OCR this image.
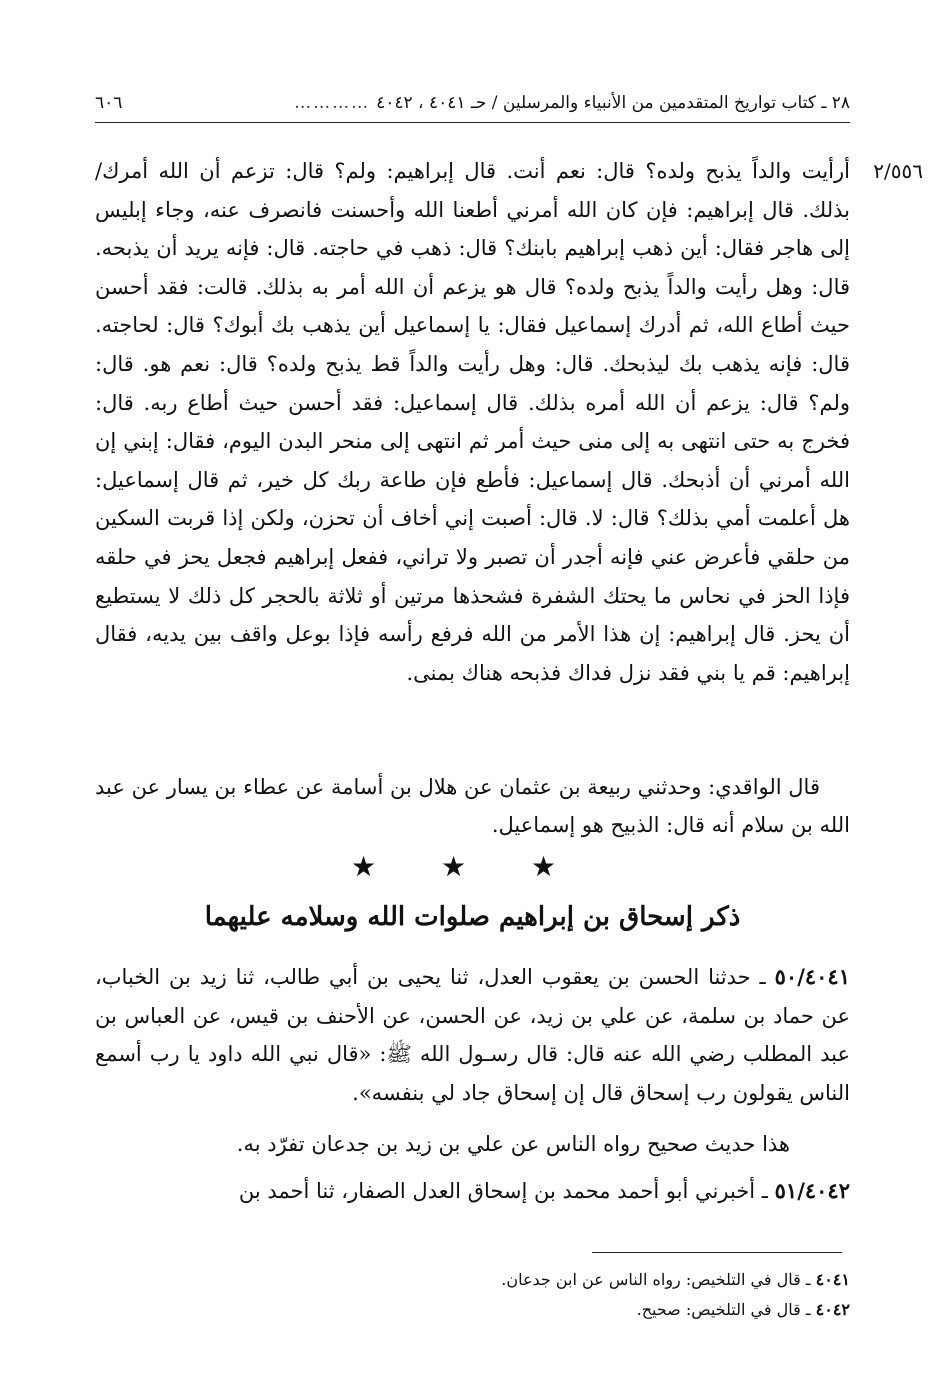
٢٨ ـ كتاب تواريخ المتقدمين من الأنبياء والمرسلين / حـ ٤٠٤١ ، ٤٠٤٢
…………
٦٠٦
٢/٥٥٦

أرأيت والداً يذبح ولده؟ قال: نعم أنت. قال إبراهيم: ولم؟ قال: تزعم أن الله أمرك/ بذلك. قال إبراهيم: فإن كان الله أمرني أطعنا الله وأحسنت فانصرف عنه، وجاء إبليس إلى هاجر فقال: أين ذهب إبراهيم بابنك؟ قال: ذهب في حاجته. قال: فإنه يريد أن يذبحه. قال: وهل رأيت والداً يذبح ولده؟ قال هو يزعم أن الله أمر به بذلك. قالت: فقد أحسن حيث أطاع الله، ثم أدرك إسماعيل فقال: يا إسماعيل أين يذهب بك أبوك؟ قال: لحاجته. قال: فإنه يذهب بك ليذبحك. قال: وهل رأيت والداً قط يذبح ولده؟ قال: نعم هو. قال: ولم؟ قال: يزعم أن الله أمره بذلك. قال إسماعيل: فقد أحسن حيث أطاع ربه. قال: فخرج به حتى انتهى به إلى منى حيث أمر ثم انتهى إلى منحر البدن اليوم، فقال: إبني إن الله أمرني أن أذبحك. قال إسماعيل: فأطع فإن طاعة ربك كل خير، ثم قال إسماعيل: هل أعلمت أمي بذلك؟ قال: لا. قال: أصبت إني أخاف أن تحزن، ولكن إذا قربت السكين من حلقي فأعرض عني فإنه أجدر أن تصبر ولا تراني، ففعل إبراهيم فجعل يحز في حلقه فإذا الحز في نحاس ما يحتك الشفرة فشحذها مرتين أو ثلاثة بالحجر كل ذلك لا يستطيع أن يحز. قال إبراهيم: إن هذا الأمر من الله فرفع رأسه فإذا بوعل واقف بين يديه، فقال إبراهيم: قم يا بني فقد نزل فداك فذبحه هناك بمنى.

قال الواقدي: وحدثني ربيعة بن عثمان عن هلال بن أسامة عن عطاء بن يسار عن عبد الله بن سلام أنه قال: الذبيح هو إسماعيل.
★ ★ ★
ذكر إسحاق بن إبراهيم صلوات الله وسلامه عليهما
٥٠/٤٠٤١ ـ حدثنا الحسن بن يعقوب العدل، ثنا يحيى بن أبي طالب، ثنا زيد بن الخباب، عن حماد بن سلمة، عن علي بن زيد، عن الحسن، عن الأحنف بن قيس، عن العباس بن عبد المطلب رضي الله عنه قال: قال رسـول الله ﷺ: «قال نبي الله داود يا رب أسمع الناس يقولون رب إسحاق قال إن إسحاق جاد لي بنفسه».
هذا حديث صحيح رواه الناس عن علي بن زيد بن جدعان تفرّد به.
٥١/٤٠٤٢ ـ أخبرني أبو أحمد محمد بن إسحاق العدل الصفار، ثنا أحمد بن
٤٠٤١ ـ قال في التلخيص: رواه الناس عن ابن جدعان.
٤٠٤٢ ـ قال في التلخيص: صحيح.
